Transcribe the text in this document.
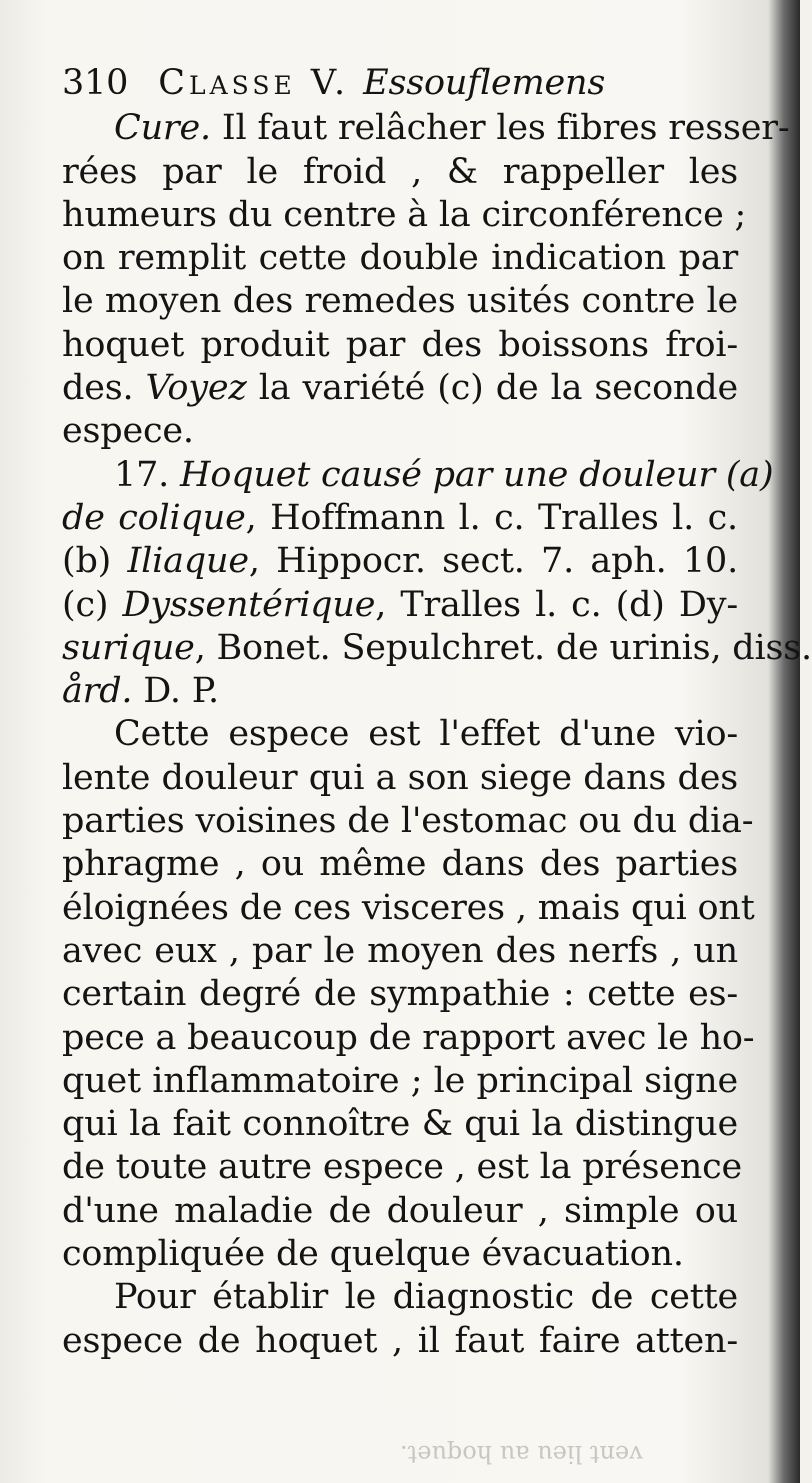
310 Classe V. Essouflemens
Cure. Il faut relâcher les fibres resser-
rées par le froid , & rappeller les
humeurs du centre à la circonférence ;
on remplit cette double indication par
le moyen des remedes usités contre le
hoquet produit par des boissons froi-
des. Voyez la variété (c) de la seconde
espece.
17. Hoquet causé par une douleur (a)
de colique, Hoffmann l. c. Tralles l. c.
(b) Iliaque, Hippocr. sect. 7. aph. 10.
(c) Dyssentérique, Tralles l. c. (d) Dy-
surique, Bonet. Sepulchret. de urinis, diss.
ård. D. P.
Cette espece est l'effet d'une vio-
lente douleur qui a son siege dans des
parties voisines de l'estomac ou du dia-
phragme , ou même dans des parties
éloignées de ces visceres , mais qui ont
avec eux , par le moyen des nerfs , un
certain degré de sympathie : cette es-
pece a beaucoup de rapport avec le ho-
quet inflammatoire ; le principal signe
qui la fait connoître & qui la distingue
de toute autre espece , est la présence
d'une maladie de douleur , simple ou
compliquée de quelque évacuation.
Pour établir le diagnostic de cette
espece de hoquet , il faut faire atten-
vent lieu au hoquet.
